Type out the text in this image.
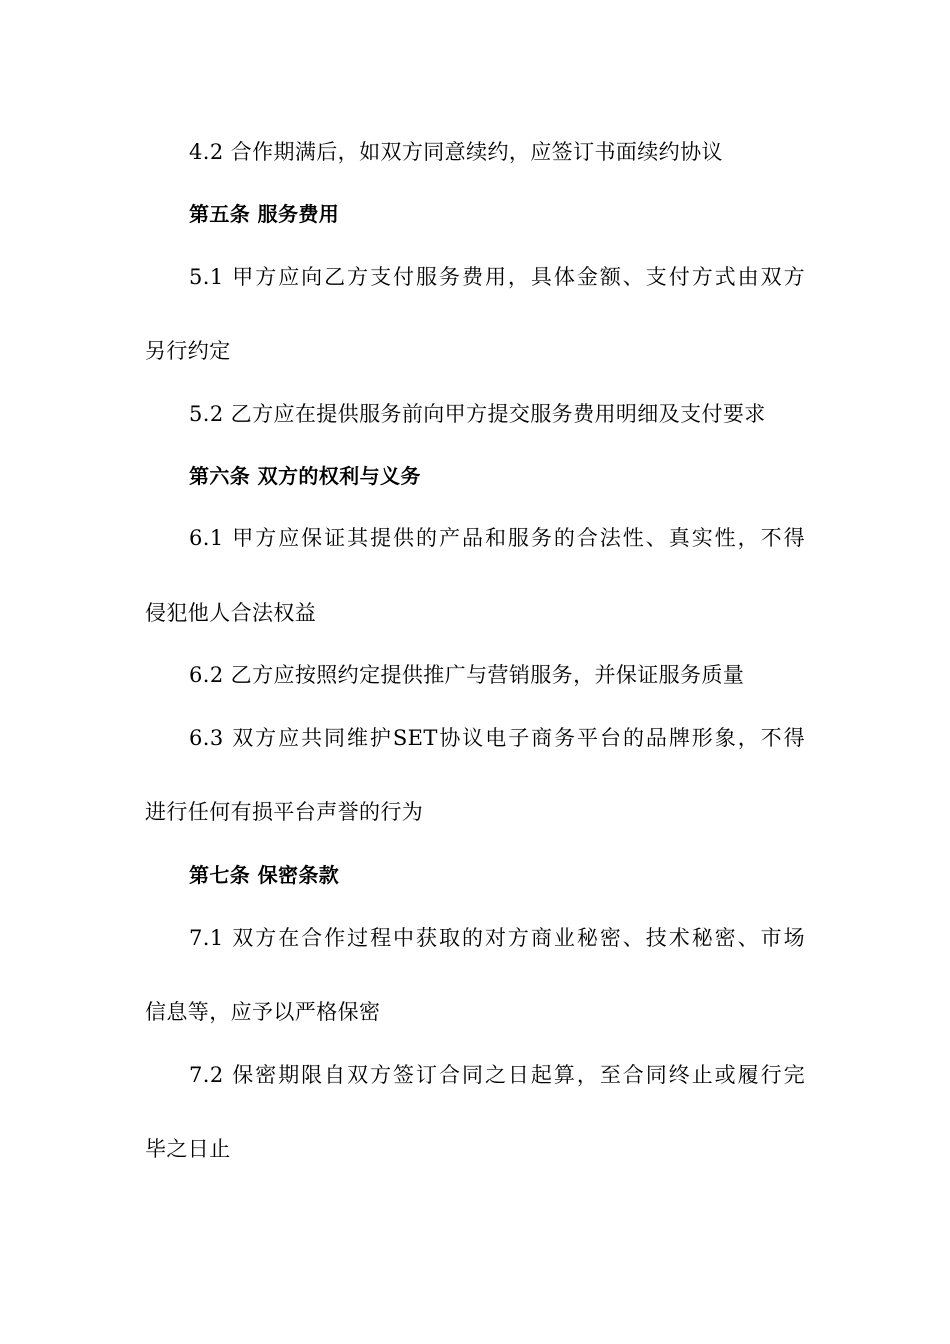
4.2 合作期满后，如双方同意续约，应签订书面续约协议
第五条 服务费用
5.1 甲方应向乙方支付服务费用，具体金额、支付方式由双方
另行约定
5.2 乙方应在提供服务前向甲方提交服务费用明细及支付要求
第六条 双方的权利与义务
6.1 甲方应保证其提供的产品和服务的合法性、真实性，不得
侵犯他人合法权益
6.2 乙方应按照约定提供推广与营销服务，并保证服务质量
6.3 双方应共同维护SET协议电子商务平台的品牌形象，不得
进行任何有损平台声誉的行为
第七条 保密条款
7.1 双方在合作过程中获取的对方商业秘密、技术秘密、市场
信息等，应予以严格保密
7.2 保密期限自双方签订合同之日起算，至合同终止或履行完
毕之日止
